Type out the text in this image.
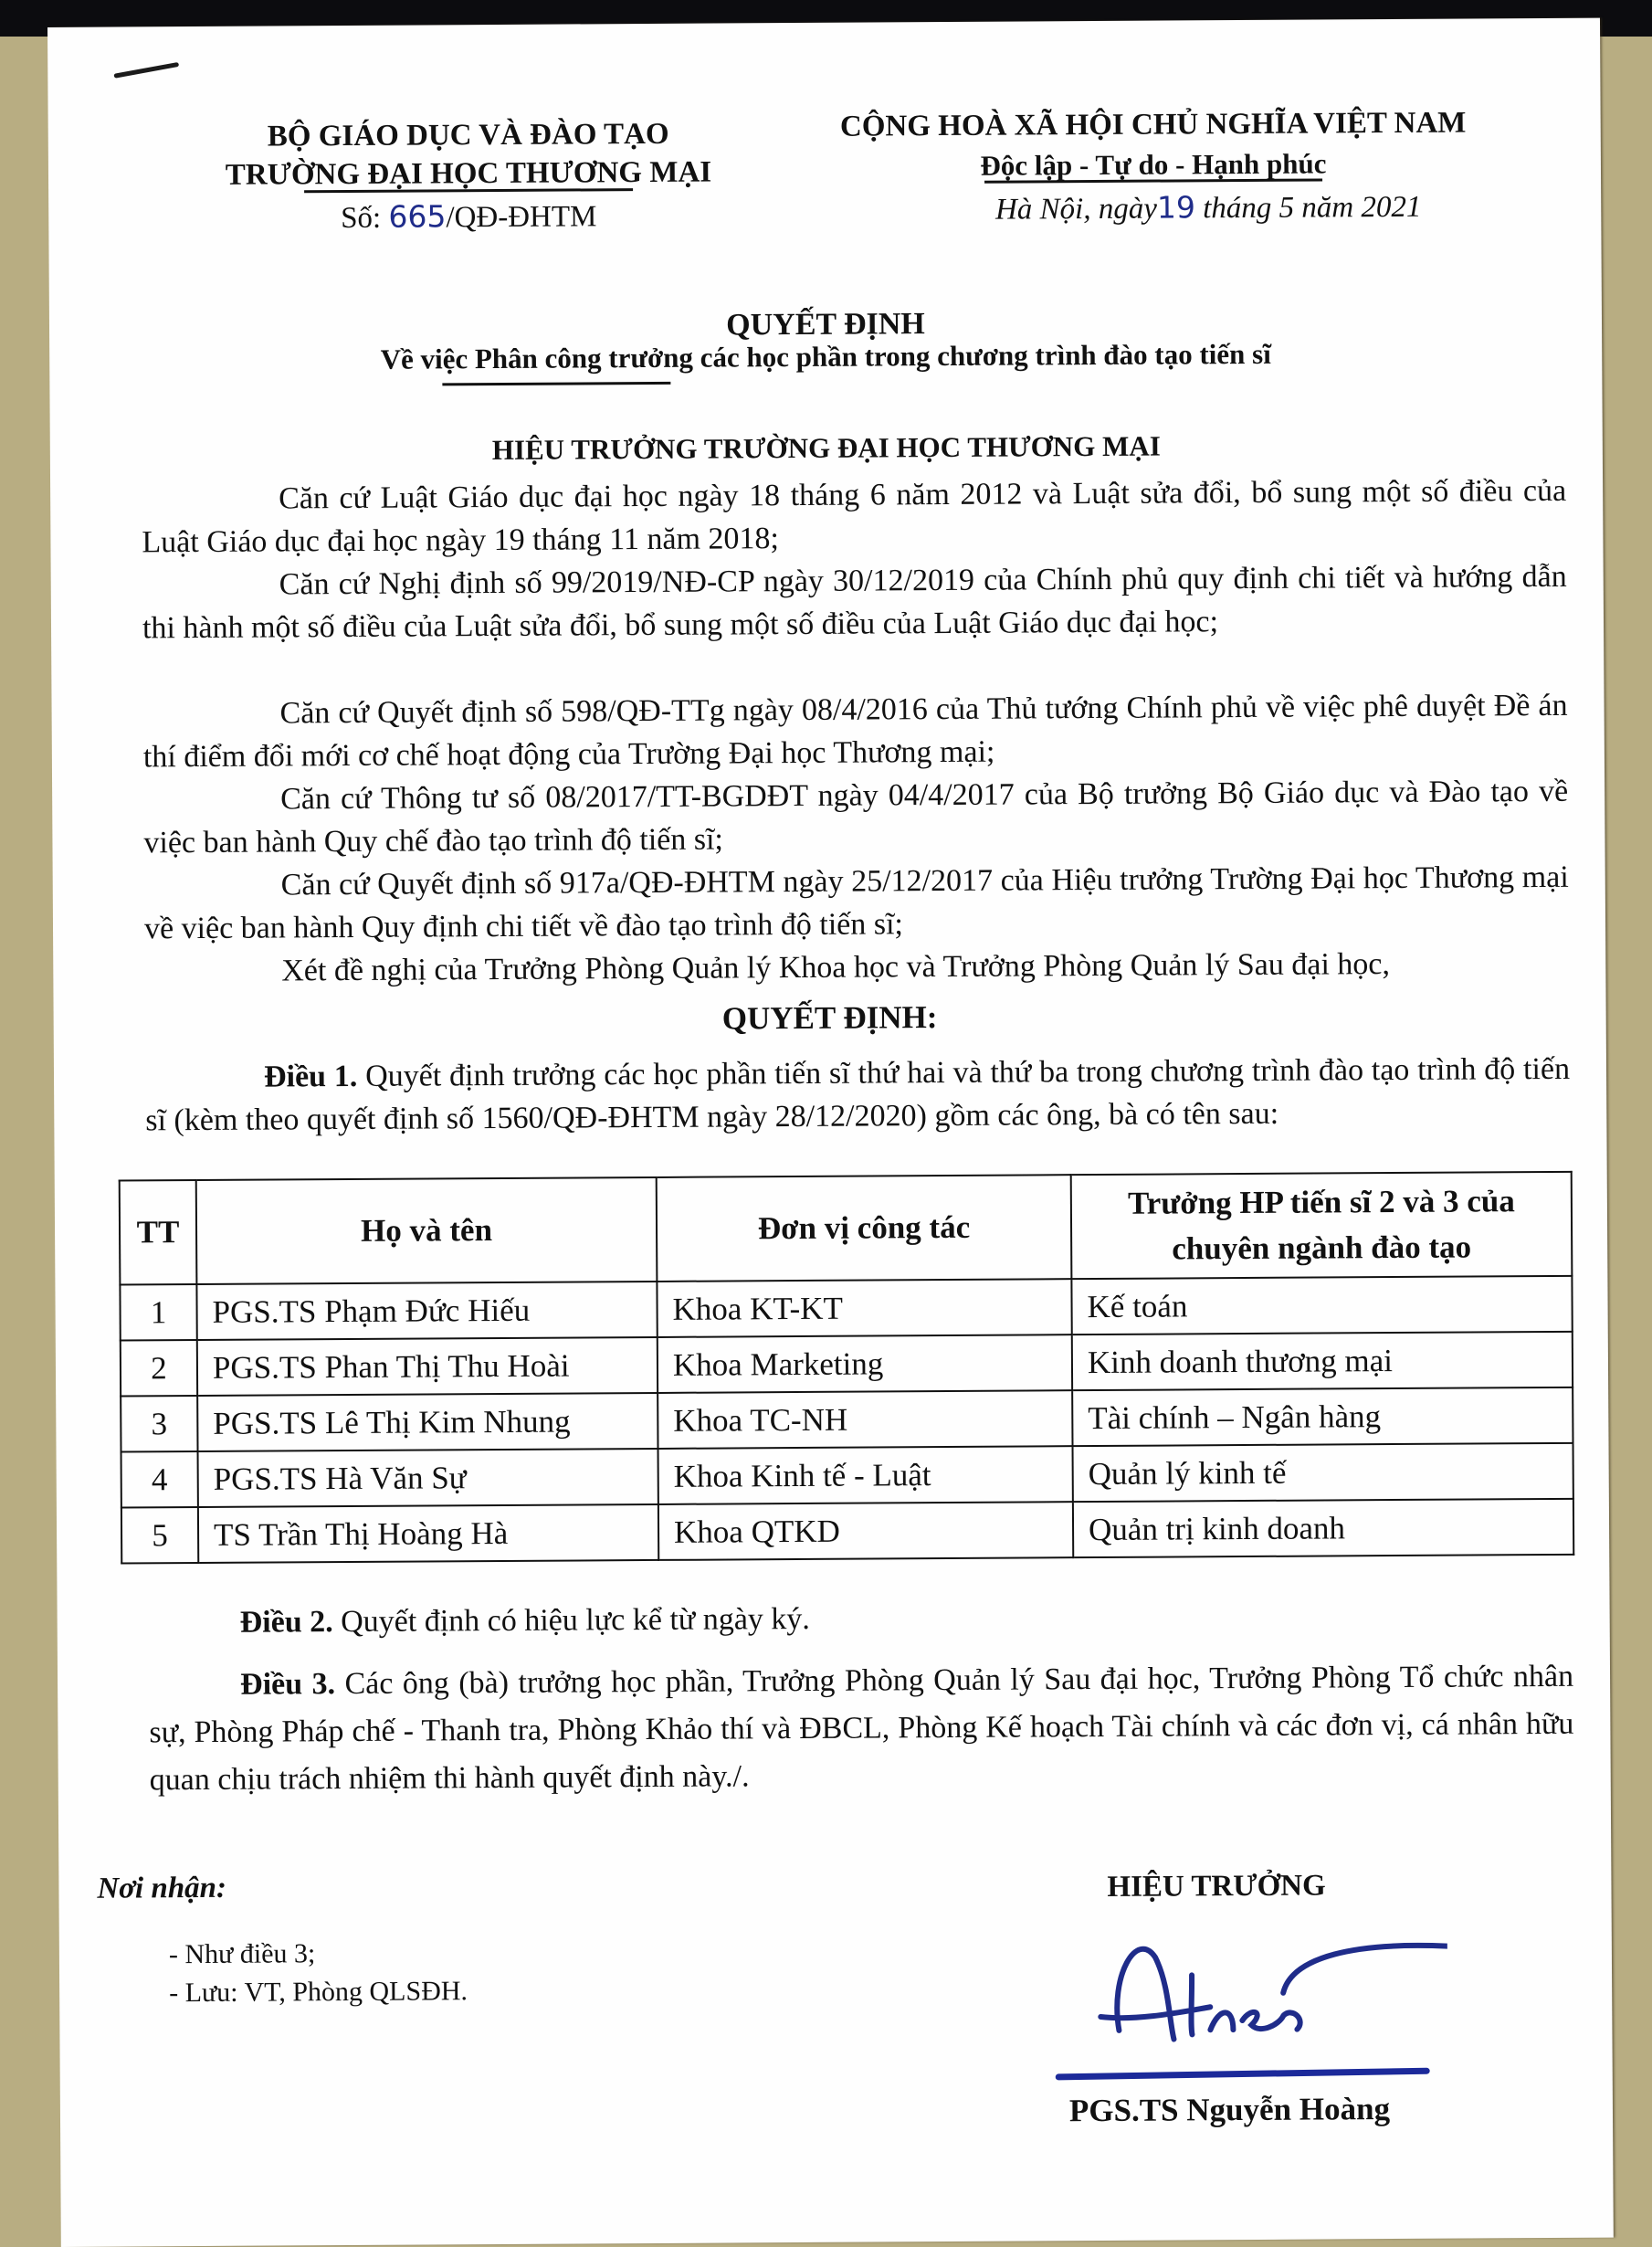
BỘ GIÁO DỤC VÀ ĐÀO TẠO
TRƯỜNG ĐẠI HỌC THƯƠNG MẠI
Số: 665/QĐ-ĐHTM
CỘNG HOÀ XÃ HỘI CHỦ NGHĨA VIỆT NAM
Độc lập - Tự do - Hạnh phúc
Hà Nội, ngày19 tháng 5 năm 2021
QUYẾT ĐỊNH
Về việc Phân công trưởng các học phần trong chương trình đào tạo tiến sĩ
HIỆU TRƯỞNG TRƯỜNG ĐẠI HỌC THƯƠNG MẠI
Căn cứ Luật Giáo dục đại học ngày 18 tháng 6 năm 2012 và Luật sửa đổi, bổ sung một số điều của Luật Giáo dục đại học ngày 19 tháng 11 năm 2018;
Căn cứ Nghị định số 99/2019/NĐ-CP ngày 30/12/2019 của Chính phủ quy định chi tiết và hướng dẫn thi hành một số điều của Luật sửa đổi, bổ sung một số điều của Luật Giáo dục đại học;
Căn cứ Quyết định số 598/QĐ-TTg ngày 08/4/2016 của Thủ tướng Chính phủ về việc phê duyệt Đề án thí điểm đổi mới cơ chế hoạt động của Trường Đại học Thương mại;
Căn cứ Thông tư số 08/2017/TT-BGDĐT ngày 04/4/2017 của Bộ trưởng Bộ Giáo dục và Đào tạo về việc ban hành Quy chế đào tạo trình độ tiến sĩ;
Căn cứ Quyết định số 917a/QĐ-ĐHTM ngày 25/12/2017 của Hiệu trưởng Trường Đại học Thương mại về việc ban hành Quy định chi tiết về đào tạo trình độ tiến sĩ;
Xét đề nghị của Trưởng Phòng Quản lý Khoa học và Trưởng Phòng Quản lý Sau đại học,
QUYẾT ĐỊNH:
Điều 1. Quyết định trưởng các học phần tiến sĩ thứ hai và thứ ba trong chương trình đào tạo trình độ tiến sĩ (kèm theo quyết định số 1560/QĐ-ĐHTM ngày 28/12/2020) gồm các ông, bà có tên sau:
TT	Họ và tên	Đơn vị công tác	Trưởng HP tiến sĩ 2 và 3 của chuyên ngành đào tạo
1	PGS.TS Phạm Đức Hiếu	Khoa KT-KT	Kế toán
2	PGS.TS Phan Thị Thu Hoài	Khoa Marketing	Kinh doanh thương mại
3	PGS.TS Lê Thị Kim Nhung	Khoa TC-NH	Tài chính – Ngân hàng
4	PGS.TS Hà Văn Sự	Khoa Kinh tế - Luật	Quản lý kinh tế
5	TS Trần Thị Hoàng Hà	Khoa QTKD	Quản trị kinh doanh
Điều 2. Quyết định có hiệu lực kể từ ngày ký.
Điều 3. Các ông (bà) trưởng học phần, Trưởng Phòng Quản lý Sau đại học, Trưởng Phòng Tổ chức nhân sự, Phòng Pháp chế - Thanh tra, Phòng Khảo thí và ĐBCL, Phòng Kế hoạch Tài chính và các đơn vị, cá nhân hữu quan chịu trách nhiệm thi hành quyết định này./.
Nơi nhận:
- Như điều 3;
- Lưu: VT, Phòng QLSĐH.
HIỆU TRƯỞNG
PGS.TS Nguyễn Hoàng
